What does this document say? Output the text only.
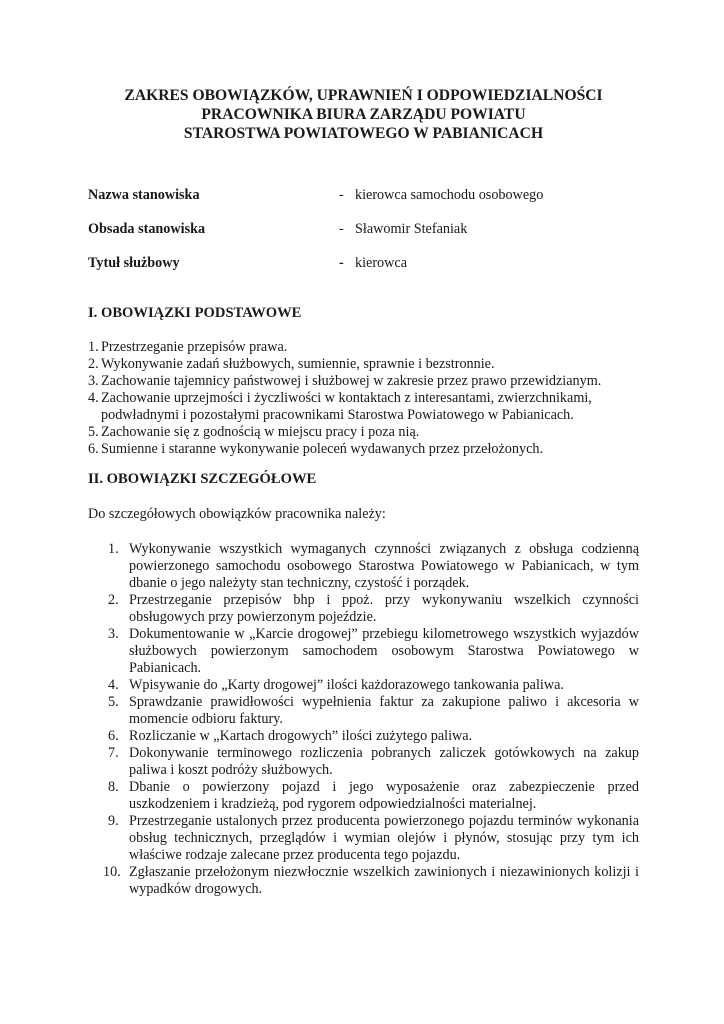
ZAKRES OBOWIĄZKÓW, UPRAWNIEŃ I ODPOWIEDZIALNOŚCI
PRACOWNIKA BIURA ZARZĄDU POWIATU
STAROSTWA POWIATOWEGO W PABIANICACH
Nazwa stanowiska	- kierowca samochodu osobowego
Obsada stanowiska	- Sławomir Stefaniak
Tytuł służbowy	- kierowca
I. OBOWIĄZKI PODSTAWOWE
1. Przestrzeganie przepisów prawa.
2. Wykonywanie zadań służbowych, sumiennie, sprawnie i bezstronnie.
3. Zachowanie tajemnicy państwowej i służbowej w zakresie przez prawo przewidzianym.
4. Zachowanie uprzejmości i życzliwości w kontaktach z interesantami, zwierzchnikami, podwładnymi i pozostałymi pracownikami Starostwa Powiatowego w Pabianicach.
5. Zachowanie się z godnością w miejscu pracy i poza nią.
6. Sumienne i staranne wykonywanie poleceń wydawanych przez przełożonych.
II. OBOWIĄZKI SZCZEGÓŁOWE

Do szczegółowych obowiązków pracownika należy:

1. Wykonywanie wszystkich wymaganych czynności związanych z obsługa codzienną powierzonego samochodu osobowego Starostwa Powiatowego w Pabianicach, w tym dbanie o jego należyty stan techniczny, czystość i porządek.
2. Przestrzeganie przepisów bhp i ppoż. przy wykonywaniu wszelkich czynności obsługowych przy powierzonym pojeździe.
3. Dokumentowanie w „Karcie drogowej” przebiegu kilometrowego wszystkich wyjazdów służbowych powierzonym samochodem osobowym Starostwa Powiatowego w Pabianicach.
4. Wpisywanie do „Karty drogowej” ilości każdorazowego tankowania paliwa.
5. Sprawdzanie prawidłowości wypełnienia faktur za zakupione paliwo i akcesoria w momencie odbioru faktury.
6. Rozliczanie w „Kartach drogowych” ilości zużytego paliwa.
7. Dokonywanie terminowego rozliczenia pobranych zaliczek gotówkowych na zakup paliwa i koszt podróży służbowych.
8. Dbanie o powierzony pojazd i jego wyposażenie oraz zabezpieczenie przed uszkodzeniem i kradzieżą, pod rygorem odpowiedzialności materialnej.
9. Przestrzeganie ustalonych przez producenta powierzonego pojazdu terminów wykonania obsług technicznych, przeglądów i wymian olejów i płynów, stosując przy tym ich właściwe rodzaje zalecane przez producenta tego pojazdu.
10. Zgłaszanie przełożonym niezwłocznie wszelkich zawinionych i niezawinionych kolizji i wypadków drogowych.
